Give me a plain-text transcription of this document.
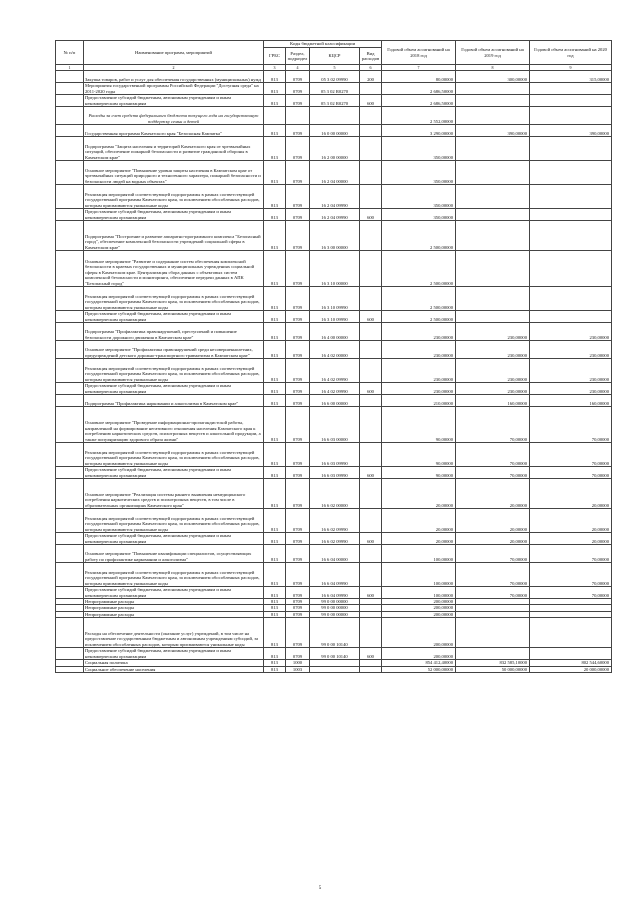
№ п/п	Наименование программ, мероприятий	Коды бюджетной классификации				Годовой объем ассигнований на 2018 год	Годовой объем ассигнований на 2019 год	Годовой объем ассигнований на 2020 год
		ГРБС	Раздел, подраздел	КЦСР	Вид расходов			
1	2	3	4	5	6	7	8	9
	Закупка товаров, работ и услуг для обеспечения государственных (муниципальных) нужд	813	0709	05 3 02 09990	200	80,00000	300,00000	315,00000
	Мероприятия государственной программы Российской Федерации "Доступная среда" на 2011-2020 годы	813	0709	05 3 02 R0270		2 686,50000		
	Предоставление субсидий бюджетным, автономным учреждениям и иным некоммерческим организациям	813	0709	05 3 02 R0270	600	2 686,50000		
	Расходы за счет средств федерального бюджета текущего года на государственную поддержку семьи и детей					2 552,00000		
	Государственная программа Камчатского края "Безопасная Камчатка"	813	0709	16 0 00 00000		3 290,00000	390,00000	390,00000
	Подпрограмма "Защита населения и территорий Камчатского края от чрезвычайных ситуаций, обеспечение пожарной безопасности и развитие гражданской обороны в Камчатском крае"	813	0709	16 2 00 00000		350,00000		
	Основное мероприятие "Повышение уровня защиты населения в Камчатском крае от чрезвычайных ситуаций природного и техногенного характера, пожарной безопасности и безопасности людей на водных объектах"	813	0709	16 2 04 00000		350,00000		
	Реализация мероприятий соответствующей подпрограммы в рамках соответствующей государственной программы Камчатского края, за исключением обособленных расходов, которым присваиваются уникальные коды	813	0709	16 2 04 09990		350,00000		
	Предоставление субсидий бюджетным, автономным учреждениям и иным некоммерческим организациям	813	0709	16 2 04 09990	600	350,00000		
	Подпрограмма "Построение и развитие аппаратно-программного комплекса "Безопасный город", обеспечение комплексной безопасности учреждений социальной сферы в Камчатском крае"	813	0709	16 3 00 00000		2 500,00000		
	Основное мероприятие "Развитие и содержание систем обеспечения комплексной безопасности в краевых государственных и муниципальных учреждениях социальной сферы в Камчатском крае. Централизация сбора данных с объектовых систем комплексной безопасности и мониторинга, обеспечение передачи данных в АПК "Безопасный город"	813	0709	16 3 10 00000		2 500,00000		
	Реализация мероприятий соответствующей подпрограммы в рамках соответствующей государственной программы Камчатского края, за исключением обособленных расходов, которым присваиваются уникальные коды	813	0709	16 3 10 09990		2 500,00000		
	Предоставление субсидий бюджетным, автономным учреждениям и иным некоммерческим организациям	813	0709	16 3 10 09990	600	2 500,00000		
	Подпрограмма "Профилактика правонарушений, преступлений и повышение безопасности дорожного движения в Камчатском крае"	813	0709	16 4 00 00000		230,00000	230,00000	230,00000
	Основное мероприятие "Профилактика правонарушений среди несовершеннолетних, предупреждений детского дорожно-транспортного травматизма в Камчатском крае"	813	0709	16 4 02 00000		230,00000	230,00000	230,00000
	Реализация мероприятий соответствующей подпрограммы в рамках соответствующей государственной программы Камчатского края, за исключением обособленных расходов, которым присваиваются уникальные коды	813	0709	16 4 02 09990		230,00000	230,00000	230,00000
	Предоставление субсидий бюджетным, автономным учреждениям и иным некоммерческим организациям	813	0709	16 4 02 09990	600	230,00000	230,00000	230,00000
	Подпрограмма "Профилактика наркомании и алкоголизма в Камчатском крае"	813	0709	16 6 00 00000		210,00000	160,00000	160,00000
	Основное мероприятие "Проведение информационно-пропагандистской работы, направленной на формирование негативного отношения населения Камчатского края к потреблению наркотических средств, психотропных веществ и алкогольной продукции, а также популяризацию здорового образа жизни"	813	0709	16 6 03 00000		90,00000	70,00000	70,00000
	Реализация мероприятий соответствующей подпрограммы в рамках соответствующей государственной программы Камчатского края, за исключением обособленных расходов, которым присваиваются уникальные коды	813	0709	16 6 03 09990		90,00000	70,00000	70,00000
	Предоставление субсидий бюджетным, автономным учреждениям и иным некоммерческим организациям	813	0709	16 6 03 09990	600	90,00000	70,00000	70,00000
	Основное мероприятие "Реализация системы раннего выявления немедицинского потребления наркотических средств и психотропных веществ, в том числе в образовательных организациях Камчатского края"	813	0709	16 6 02 00000		20,00000	20,00000	20,00000
	Реализация мероприятий соответствующей подпрограммы в рамках соответствующей государственной программы Камчатского края, за исключением обособленных расходов, которым присваиваются уникальные коды	813	0709	16 6 02 09990		20,00000	20,00000	20,00000
	Предоставление субсидий бюджетным, автономным учреждениям и иным некоммерческим организациям	813	0709	16 6 02 09990	600	20,00000	20,00000	20,00000
	Основное мероприятие "Повышение квалификации специалистов, осуществляющих работу по профилактике наркомании и алкоголизма"	813	0709	16 6 04 00000		100,00000	70,00000	70,00000
	Реализация мероприятий соответствующей подпрограммы в рамках соответствующей государственной программы Камчатского края, за исключением обособленных расходов, которым присваиваются уникальные коды	813	0709	16 6 04 09990		100,00000	70,00000	70,00000
	Предоставление субсидий бюджетным, автономным учреждениям и иным некоммерческим организациям	813	0709	16 6 04 09990	600	100,00000	70,00000	70,00000
	Непрограммные расходы	813	0709	99 0 00 00000		200,00000		
	Непрограммные расходы	813	0709	99 0 00 00000		200,00000		
	Непрограммные расходы	813	0709	99 0 00 00000		200,00000		
	Расходы на обеспечение деятельности (оказание услуг) учреждений, в том числе на предоставление государственным бюджетным и автономным учреждениям субсидий, за исключением обособленных расходов, которым присваиваются уникальные коды	813	0709	99 0 00 10140		200,00000		
	Предоставление субсидий бюджетным, автономным учреждениям и иным некоммерческим организациям	813	0709	99 0 00 10140	600	200,00000		
	Социальная политика	813	1000			854 412,40000	832 585,10000	802 544,60000
	Социальное обеспечение населения	813	1003			52 000,00000	50 000,00000	20 000,00000
5
